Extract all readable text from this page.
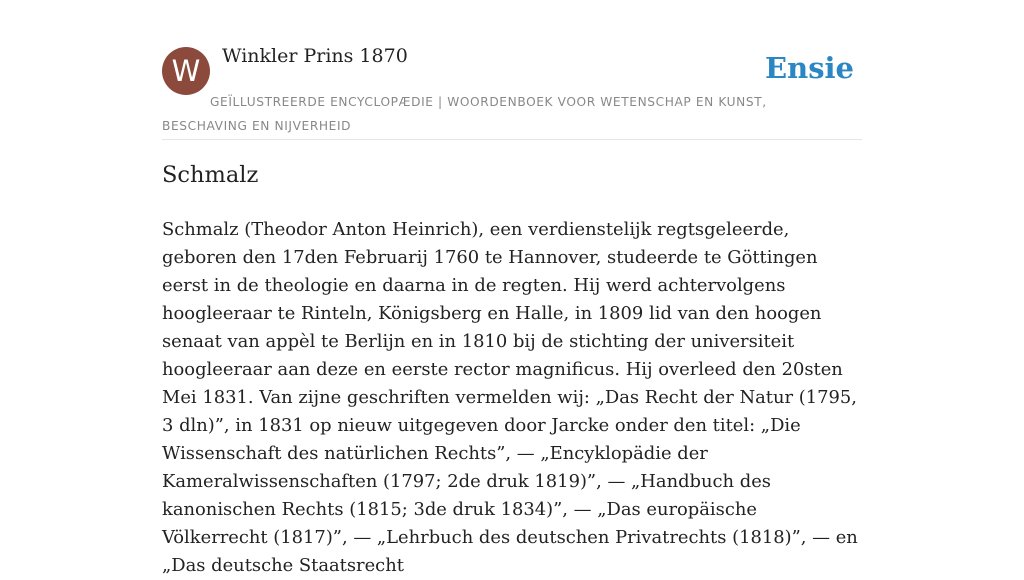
W	Winkler Prins 1870	Ensie
GEÏLLUSTREERDE ENCYCLOPÆDIE | WOORDENBOEK VOOR WETENSCHAP EN KUNST, BESCHAVING EN NIJVERHEID
Schmalz

Schmalz (Theodor Anton Heinrich), een verdienstelijk regtsgeleerde, geboren den 17den Februarij 1760 te Hannover, studeerde te Göttingen eerst in de theologie en daarna in de regten. Hij werd achtervolgens hoogleeraar te Rinteln, Königsberg en Halle, in 1809 lid van den hoogen senaat van appèl te Berlijn en in 1810 bij de stichting der universiteit hoogleeraar aan deze en eerste rector magnificus. Hij overleed den 20sten Mei 1831. Van zijne geschriften vermelden wij: „Das Recht der Natur (1795, 3 dln)”, in 1831 op nieuw uitgegeven door Jarcke onder den titel: „Die Wissenschaft des natürlichen Rechts”, — „Encyklopädie der Kameralwissenschaften (1797; 2de druk 1819)”, — „Handbuch des kanonischen Rechts (1815; 3de druk 1834)”, — „Das europäische Völkerrecht (1817)”, — „Lehrbuch des deutschen Privatrechts (1818)”, — en „Das deutsche Staatsrecht
